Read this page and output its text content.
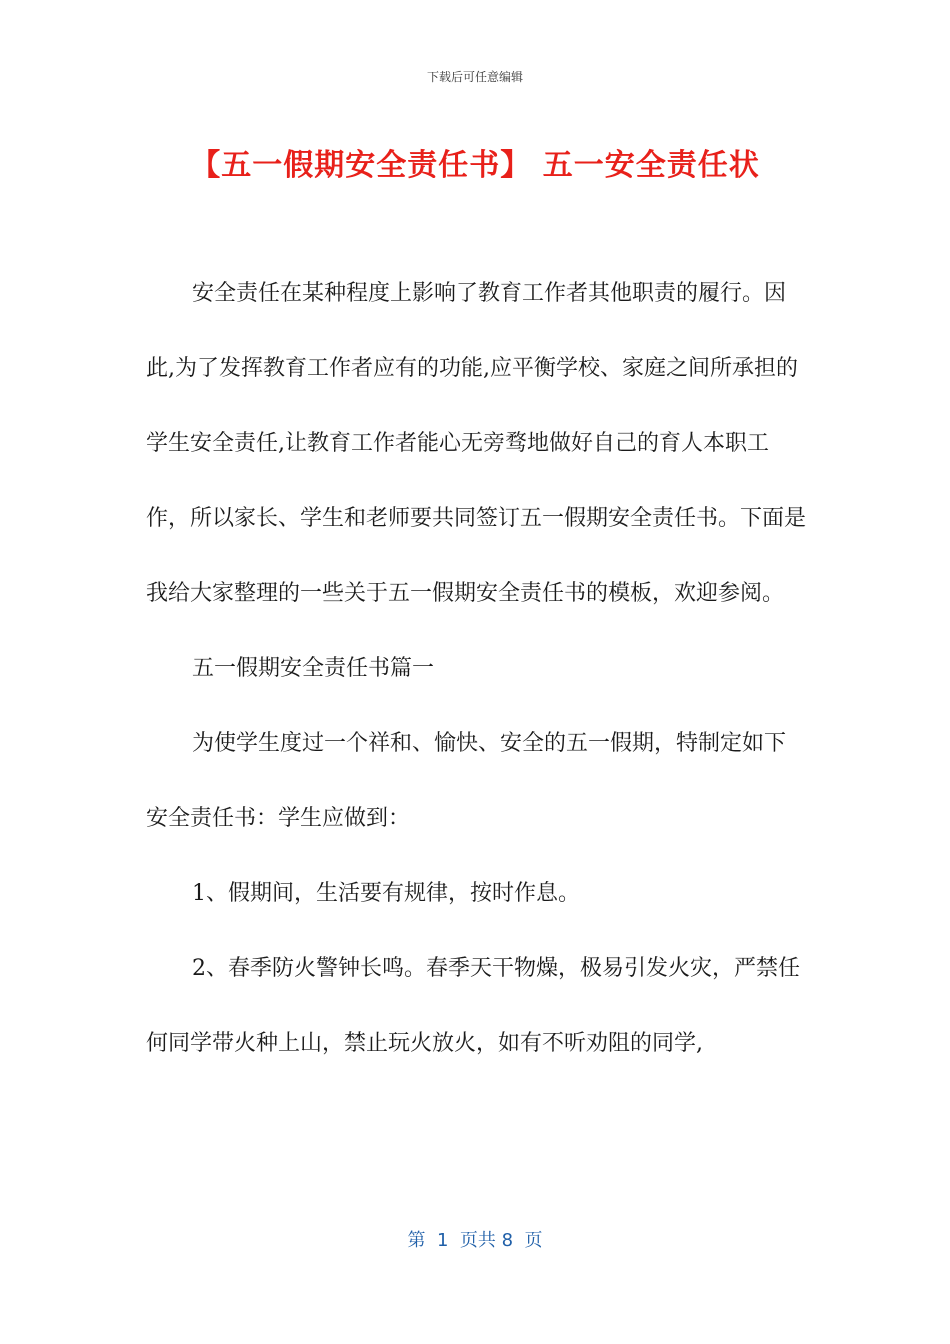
下载后可任意编辑
【五一假期安全责任书】 五一安全责任状

安全责任在某种程度上影响了教育工作者其他职责的履行。因此,为了发挥教育工作者应有的功能,应平衡学校、家庭之间所承担的学生安全责任,让教育工作者能心无旁骛地做好自己的育人本职工作，所以家长、学生和老师要共同签订五一假期安全责任书。下面是我给大家整理的一些关于五一假期安全责任书的模板，欢迎参阅。

五一假期安全责任书篇一

为使学生度过一个祥和、愉快、安全的五一假期，特制定如下安全责任书：学生应做到：

1、假期间，生活要有规律，按时作息。

2、春季防火警钟长鸣。春季天干物燥，极易引发火灾，严禁任何同学带火种上山，禁止玩火放火，如有不听劝阻的同学,

第  1  页共 8  页
